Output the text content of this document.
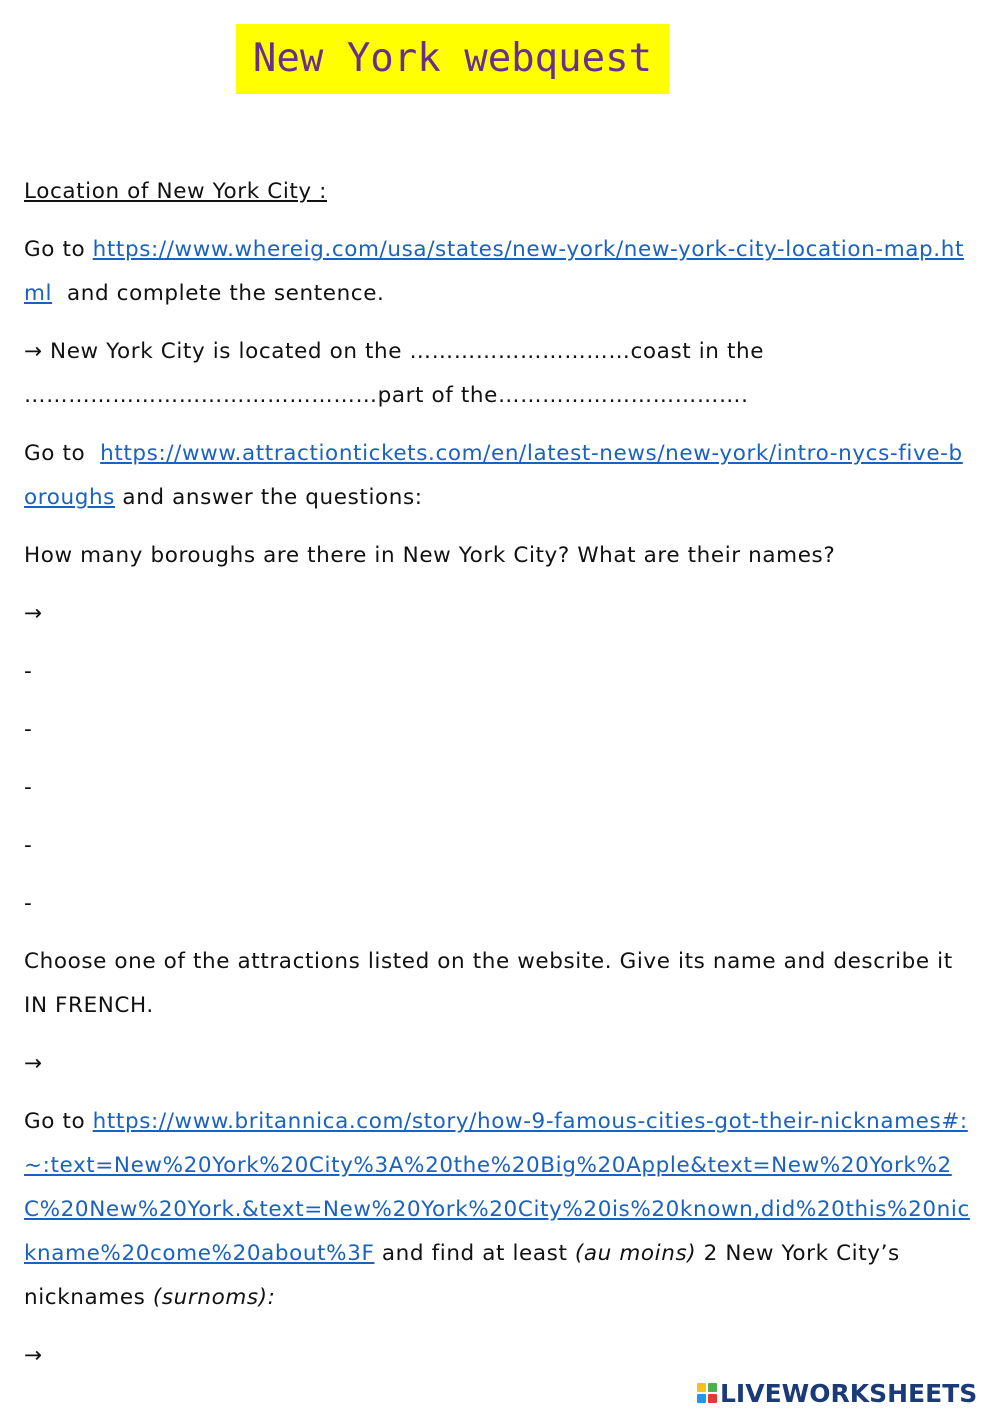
New York webquest

Location of New York City :

Go to https://www.whereig.com/usa/states/new-york/new-york-city-location-map.html and complete the sentence.

→ New York City is located on the …………………………coast in the
…………………………………………part of the…………………………….

Go to https://www.attractiontickets.com/en/latest-news/new-york/intro-nycs-five-boroughs and answer the questions:

How many boroughs are there in New York City? What are their names?

→
-
-
-
-
-

Choose one of the attractions listed on the website. Give its name and describe it IN FRENCH.

→

Go to https://www.britannica.com/story/how-9-famous-cities-got-their-nicknames#:~:text=New%20York%20City%3A%20the%20Big%20Apple&text=New%20York%2C%20New%20York.&text=New%20York%20City%20is%20known,did%20this%20nickname%20come%20about%3F and find at least (au moins) 2 New York City’s nicknames (surnoms):

→
LIVEWORKSHEETS
